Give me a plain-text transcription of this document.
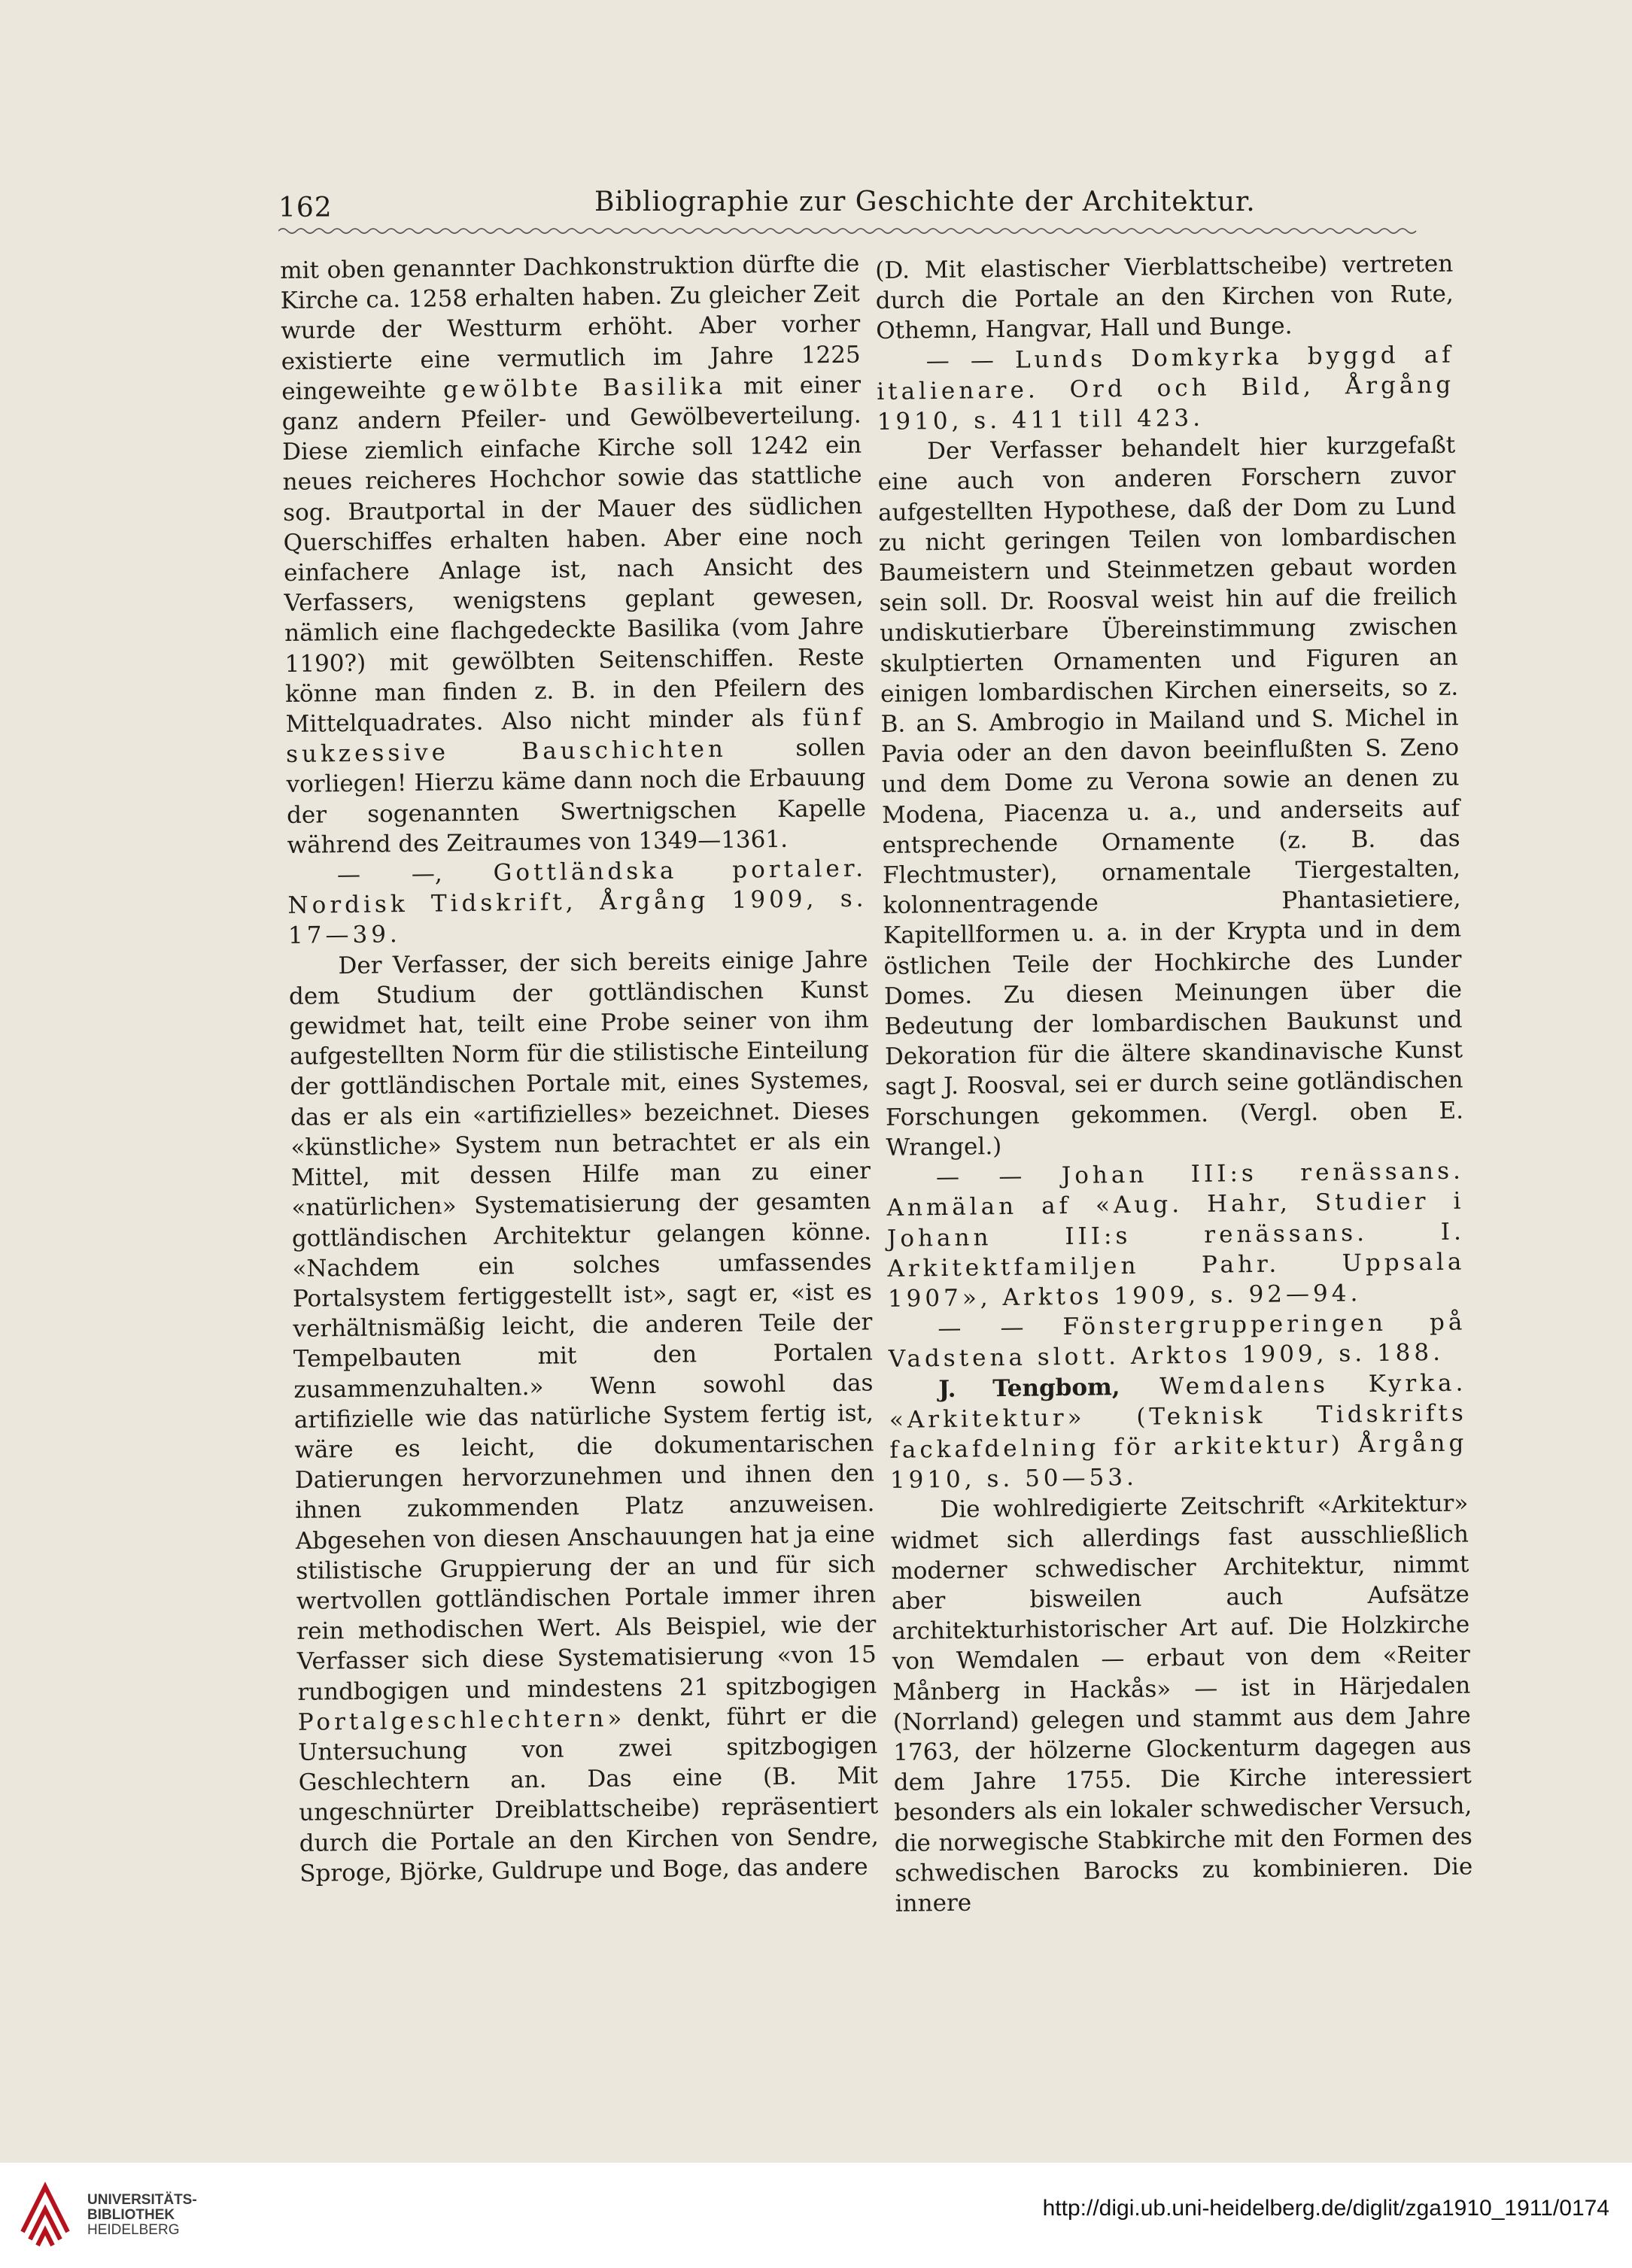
162	Bibliographie zur Geschichte der Architektur.

mit oben genannter Dachkonstruktion dürfte die Kirche ca. 1258 erhalten haben. Zu gleicher Zeit wurde der Westturm erhöht. Aber vorher existierte eine vermutlich im Jahre 1225 eingeweihte gewölbte Basilika mit einer ganz andern Pfeiler- und Gewölbeverteilung. Diese ziemlich einfache Kirche soll 1242 ein neues reicheres Hochchor sowie das stattliche sog. Brautportal in der Mauer des südlichen Querschiffes erhalten haben. Aber eine noch einfachere Anlage ist, nach Ansicht des Verfassers, wenigstens geplant gewesen, nämlich eine flachgedeckte Basilika (vom Jahre 1190?) mit gewölbten Seitenschiffen. Reste könne man finden z. B. in den Pfeilern des Mittelquadrates. Also nicht minder als fünf sukzessive Bauschichten sollen vorliegen! Hierzu käme dann noch die Erbauung der sogenannten Swertnigschen Kapelle während des Zeitraumes von 1349—1361.

— —, Gottländska portaler. Nordisk Tidskrift, Årgång 1909, s. 17—39.

Der Verfasser, der sich bereits einige Jahre dem Studium der gottländischen Kunst gewidmet hat, teilt eine Probe seiner von ihm aufgestellten Norm für die stilistische Einteilung der gottländischen Portale mit, eines Systemes, das er als ein «artifizielles» bezeichnet. Dieses «künstliche» System nun betrachtet er als ein Mittel, mit dessen Hilfe man zu einer «natürlichen» Systematisierung der gesamten gottländischen Architektur gelangen könne. «Nachdem ein solches umfassendes Portalsystem fertiggestellt ist», sagt er, «ist es verhältnismäßig leicht, die anderen Teile der Tempelbauten mit den Portalen zusammenzuhalten.» Wenn sowohl das artifizielle wie das natürliche System fertig ist, wäre es leicht, die dokumentarischen Datierungen hervorzunehmen und ihnen den ihnen zukommenden Platz anzuweisen. Abgesehen von diesen Anschauungen hat ja eine stilistische Gruppierung der an und für sich wertvollen gottländischen Portale immer ihren rein methodischen Wert. Als Beispiel, wie der Verfasser sich diese Systematisierung «von 15 rundbogigen und mindestens 21 spitzbogigen Portalgeschlechtern» denkt, führt er die Untersuchung von zwei spitzbogigen Geschlechtern an. Das eine (B. Mit ungeschnürter Dreiblattscheibe) repräsentiert durch die Portale an den Kirchen von Sendre, Sproge, Björke, Guldrupe und Boge, das andere

(D. Mit elastischer Vierblattscheibe) vertreten durch die Portale an den Kirchen von Rute, Othemn, Hangvar, Hall und Bunge.

— — Lunds Domkyrka byggd af italienare. Ord och Bild, Årgång 1910, s. 411 till 423.

Der Verfasser behandelt hier kurzgefaßt eine auch von anderen Forschern zuvor aufgestellten Hypothese, daß der Dom zu Lund zu nicht geringen Teilen von lombardischen Baumeistern und Steinmetzen gebaut worden sein soll. Dr. Roosval weist hin auf die freilich undiskutierbare Übereinstimmung zwischen skulptierten Ornamenten und Figuren an einigen lombardischen Kirchen einerseits, so z. B. an S. Ambrogio in Mailand und S. Michel in Pavia oder an den davon beeinflußten S. Zeno und dem Dome zu Verona sowie an denen zu Modena, Piacenza u. a., und anderseits auf entsprechende Ornamente (z. B. das Flechtmuster), ornamentale Tiergestalten, kolonnentragende Phantasietiere, Kapitellformen u. a. in der Krypta und in dem östlichen Teile der Hochkirche des Lunder Domes. Zu diesen Meinungen über die Bedeutung der lombardischen Baukunst und Dekoration für die ältere skandinavische Kunst sagt J. Roosval, sei er durch seine gotländischen Forschungen gekommen. (Vergl. oben E. Wrangel.)

— — Johan III:s renässans. Anmälan af «Aug. Hahr, Studier i Johann III:s renässans. I. Arkitektfamiljen Pahr. Uppsala 1907», Arktos 1909, s. 92—94.

— — Fönstergrupperingen på Vadstena slott. Arktos 1909, s. 188.

J. Tengbom, Wemdalens Kyrka. «Arkitektur» (Teknisk Tidskrifts fackafdelning för arkitektur) Årgång 1910, s. 50—53.

Die wohlredigierte Zeitschrift «Arkitektur» widmet sich allerdings fast ausschließlich moderner schwedischer Architektur, nimmt aber bisweilen auch Aufsätze architekturhistorischer Art auf. Die Holzkirche von Wemdalen — erbaut von dem «Reiter Månberg in Hackås» — ist in Härjedalen (Norrland) gelegen und stammt aus dem Jahre 1763, der hölzerne Glockenturm dagegen aus dem Jahre 1755. Die Kirche interessiert besonders als ein lokaler schwedischer Versuch, die norwegische Stabkirche mit den Formen des schwedischen Barocks zu kombinieren. Die innere

UNIVERSITÄTS-
BIBLIOTHEK
HEIDELBERG
http://digi.ub.uni-heidelberg.de/diglit/zga1910_1911/0174
